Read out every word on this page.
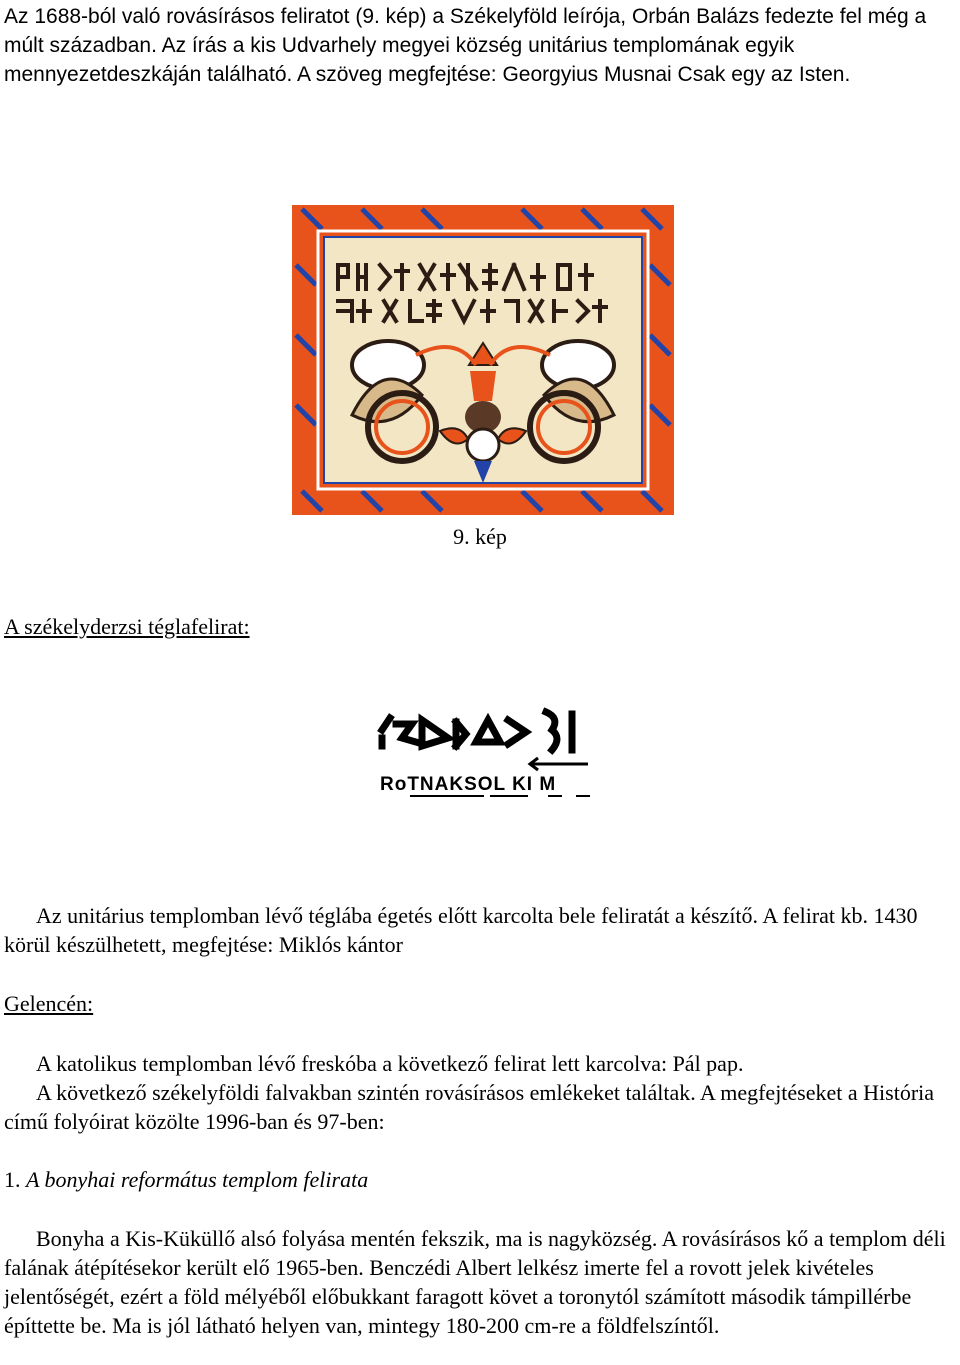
Az 1688-ból való rovásírásos feliratot (9. kép) a Székelyföld leírója, Orbán Balázs fedezte fel még a múlt században. Az írás a kis Udvarhely megyei község unitárius templomának egyik mennyezetdeszkáján található. A szöveg megfejtése: Georgyius Musnai Csak egy az Isten.

9. kép
A székelyderzsi téglafelirat:
RoTNAKSOL KI M

Az unitárius templomban lévő téglába égetés előtt karcolta bele feliratát a készítő. A felirat kb. 1430 körül készülhetett, megfejtése: Miklós kántor

Gelencén:

A katolikus templomban lévő freskóba a következő felirat lett karcolva: Pál pap.

A következő székelyföldi falvakban szintén rovásírásos emlékeket találtak. A megfejtéseket a História című folyóirat közölte 1996-ban és 97-ben:

1. A bonyhai református templom felirata

Bonyha a Kis-Küküllő alsó folyása mentén fekszik, ma is nagyközség. A rovásírásos kő a templom déli falának átépítésekor került elő 1965-ben. Benczédi Albert lelkész imerte fel a rovott jelek kivételes jelentőségét, ezért a föld mélyéből előbukkant faragott követ a toronytól számított második támpillérbe építtette be. Ma is jól látható helyen van, mintegy 180-200 cm-re a földfelszíntől.
